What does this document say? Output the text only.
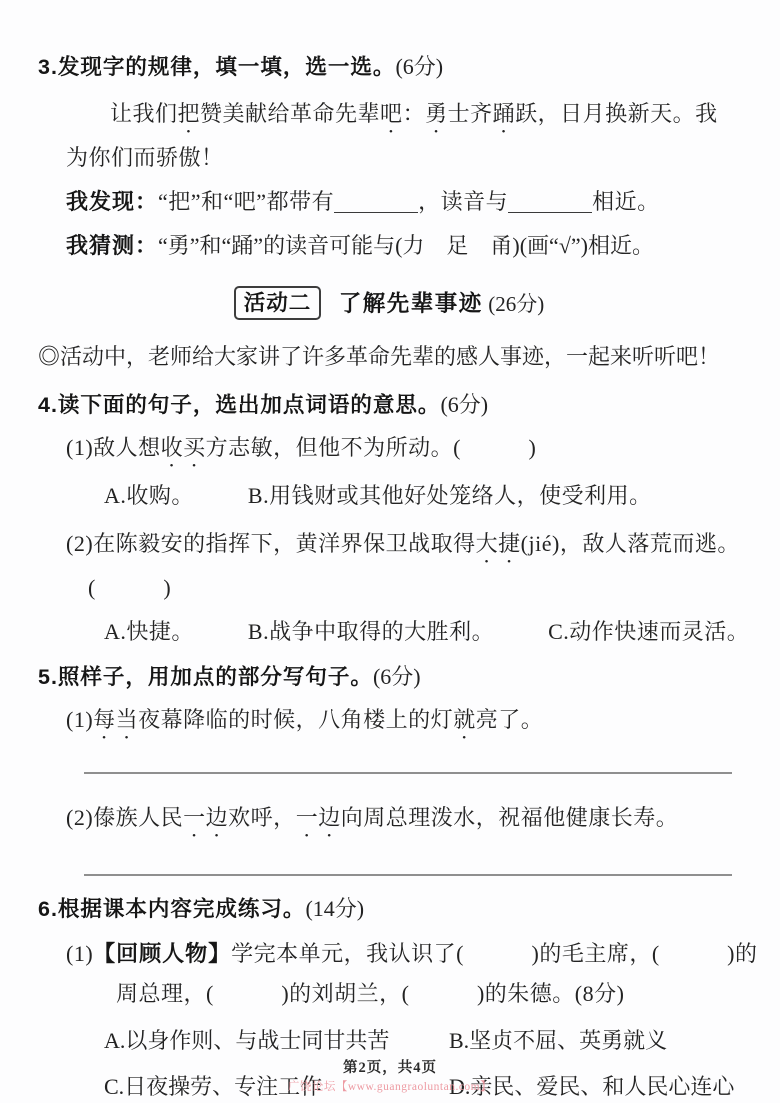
3.发现字的规律，填一填，选一选。(6分)
让我们把赞美献给革命先辈吧：勇士齐踊跃，日月换新天。我
为你们而骄傲！
我发现：“把”和“吧”都带有	，读音与	相近。
我猜测：“勇”和“踊”的读音可能与(力　足　甬)(画“√”)相近。
活动二 了解先辈事迹 (26分)
◎活动中，老师给大家讲了许多革命先辈的感人事迹，一起来听听吧！
4.读下面的句子，选出加点词语的意思。(6分)
(1)敌人想收买方志敏，但他不为所动。(　　　)
A.收购。 B.用钱财或其他好处笼络人，使受利用。
(2)在陈毅安的指挥下，黄洋界保卫战取得大捷(jié)，敌人落荒而逃。
(　　　)
A.快捷。 B.战争中取得的大胜利。 C.动作快速而灵活。
5.照样子，用加点的部分写句子。(6分)
(1)每当夜幕降临的时候，八角楼上的灯就亮了。
(2)傣族人民一边欢呼，一边向周总理泼水，祝福他健康长寿。
6.根据课本内容完成练习。(14分)
(1)【回顾人物】学完本单元，我认识了(　　　)的毛主席，(　　　)的
周总理，(　　　)的刘胡兰，(　　　)的朱德。(8分)
A.以身作则、与战士同甘共苦	B.坚贞不屈、英勇就义
C.日夜操劳、专注工作	D.亲民、爱民、和人民心连心
第2页，共4页
广饶论坛【www.guangraoluntan.com】
